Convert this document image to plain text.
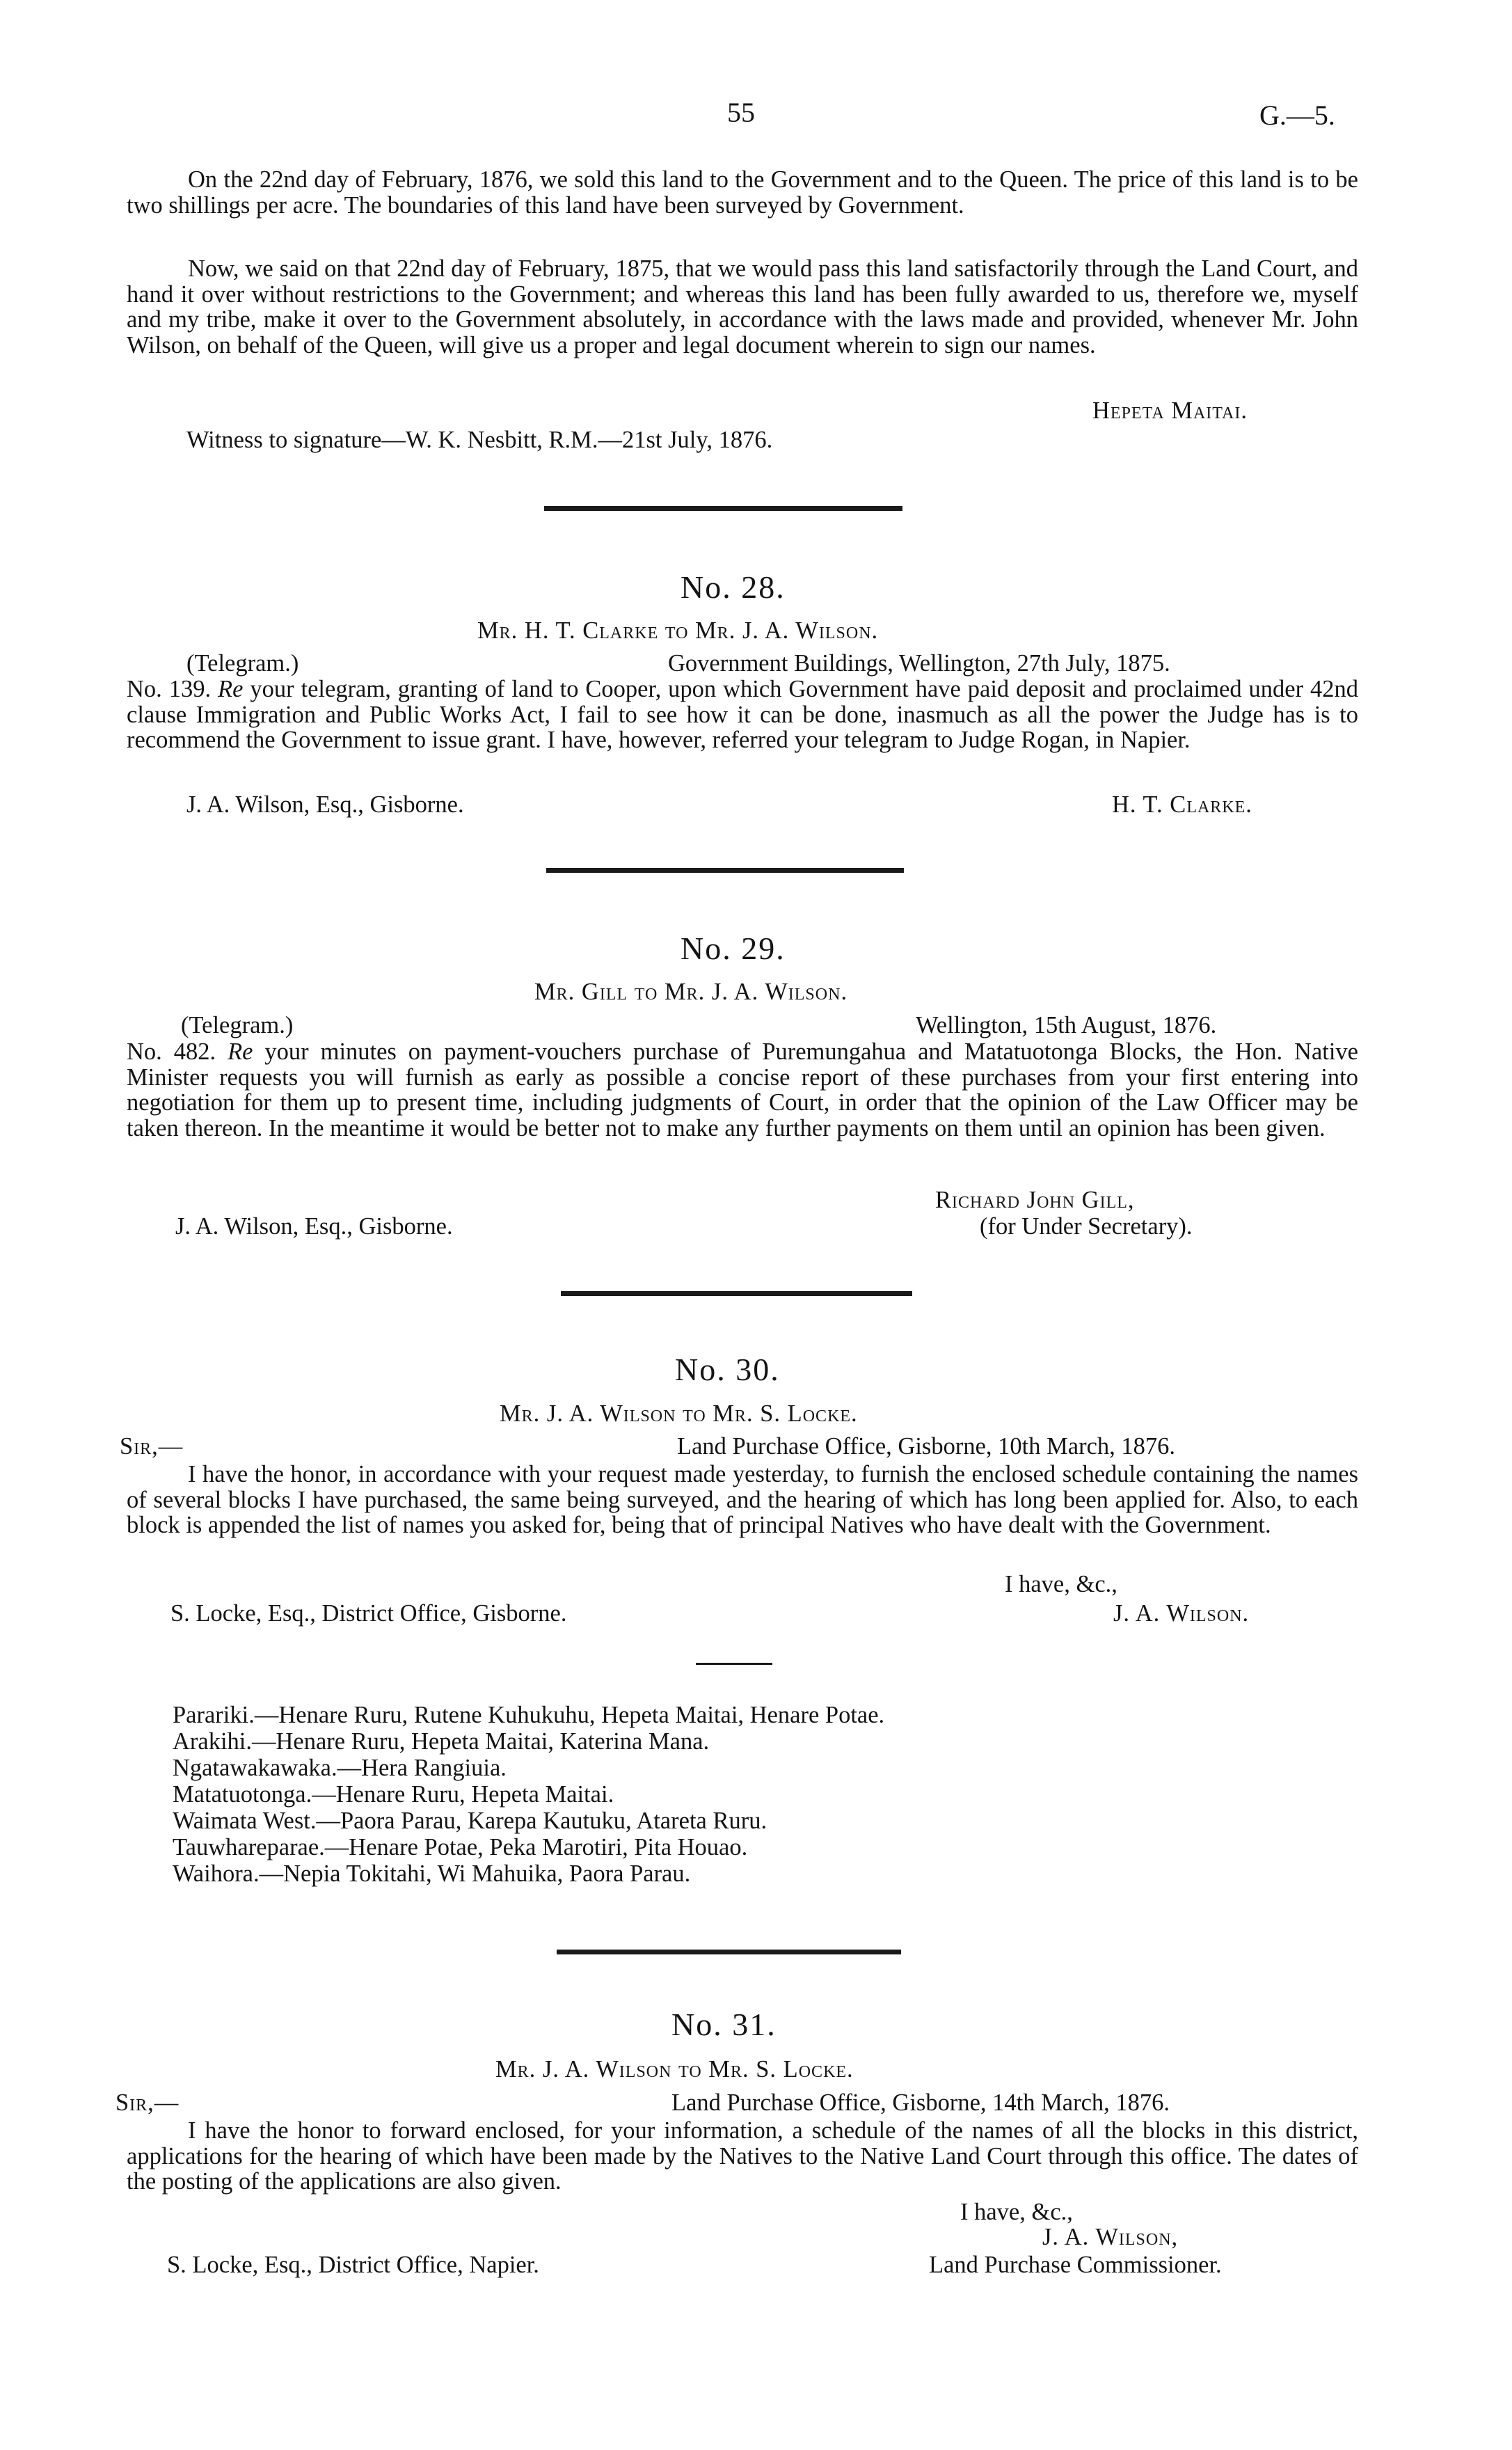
55	G.—5.

On the 22nd day of February, 1876, we sold this land to the Government and to the Queen. The price of this land is to be two shillings per acre. The boundaries of this land have been surveyed by Government.

Now, we said on that 22nd day of February, 1875, that we would pass this land satisfactorily through the Land Court, and hand it over without restrictions to the Government; and whereas this land has been fully awarded to us, therefore we, myself and my tribe, make it over to the Government absolutely, in accordance with the laws made and provided, whenever Mr. John Wilson, on behalf of the Queen, will give us a proper and legal document wherein to sign our names.

Hepeta Maitai.
Witness to signature—W. K. Nesbitt, R.M.—21st July, 1876.
No. 28.
Mr. H. T. Clarke to Mr. J. A. Wilson.
(Telegram.)	Government Buildings, Wellington, 27th July, 1875.

No. 139. Re your telegram, granting of land to Cooper, upon which Government have paid deposit and proclaimed under 42nd clause Immigration and Public Works Act, I fail to see how it can be done, inasmuch as all the power the Judge has is to recommend the Government to issue grant. I have, however, referred your telegram to Judge Rogan, in Napier.

J. A. Wilson, Esq., Gisborne.	H. T. Clarke.
No. 29.
Mr. Gill to Mr. J. A. Wilson.
(Telegram.)	Wellington, 15th August, 1876.

No. 482. Re your minutes on payment-vouchers purchase of Puremungahua and Matatuotonga Blocks, the Hon. Native Minister requests you will furnish as early as possible a concise report of these purchases from your first entering into negotiation for them up to present time, including judgments of Court, in order that the opinion of the Law Officer may be taken thereon. In the meantime it would be better not to make any further payments on them until an opinion has been given.

Richard John Gill,
J. A. Wilson, Esq., Gisborne.	(for Under Secretary).
No. 30.
Mr. J. A. Wilson to Mr. S. Locke.
Sir,—	Land Purchase Office, Gisborne, 10th March, 1876.

I have the honor, in accordance with your request made yesterday, to furnish the enclosed schedule containing the names of several blocks I have purchased, the same being surveyed, and the hearing of which has long been applied for. Also, to each block is appended the list of names you asked for, being that of principal Natives who have dealt with the Government.

I have, &c.,
S. Locke, Esq., District Office, Gisborne.	J. A. Wilson.
Parariki.—Henare Ruru, Rutene Kuhukuhu, Hepeta Maitai, Henare Potae.
Arakihi.—Henare Ruru, Hepeta Maitai, Katerina Mana.
Ngatawakawaka.—Hera Rangiuia.
Matatuotonga.—Henare Ruru, Hepeta Maitai.
Waimata West.—Paora Parau, Karepa Kautuku, Atareta Ruru.
Tauwhareparae.—Henare Potae, Peka Marotiri, Pita Houao.
Waihora.—Nepia Tokitahi, Wi Mahuika, Paora Parau.
No. 31.
Mr. J. A. Wilson to Mr. S. Locke.
Sir,—	Land Purchase Office, Gisborne, 14th March, 1876.

I have the honor to forward enclosed, for your information, a schedule of the names of all the blocks in this district, applications for the hearing of which have been made by the Natives to the Native Land Court through this office. The dates of the posting of the applications are also given.

I have, &c.,
J. A. Wilson,
S. Locke, Esq., District Office, Napier.	Land Purchase Commissioner.
